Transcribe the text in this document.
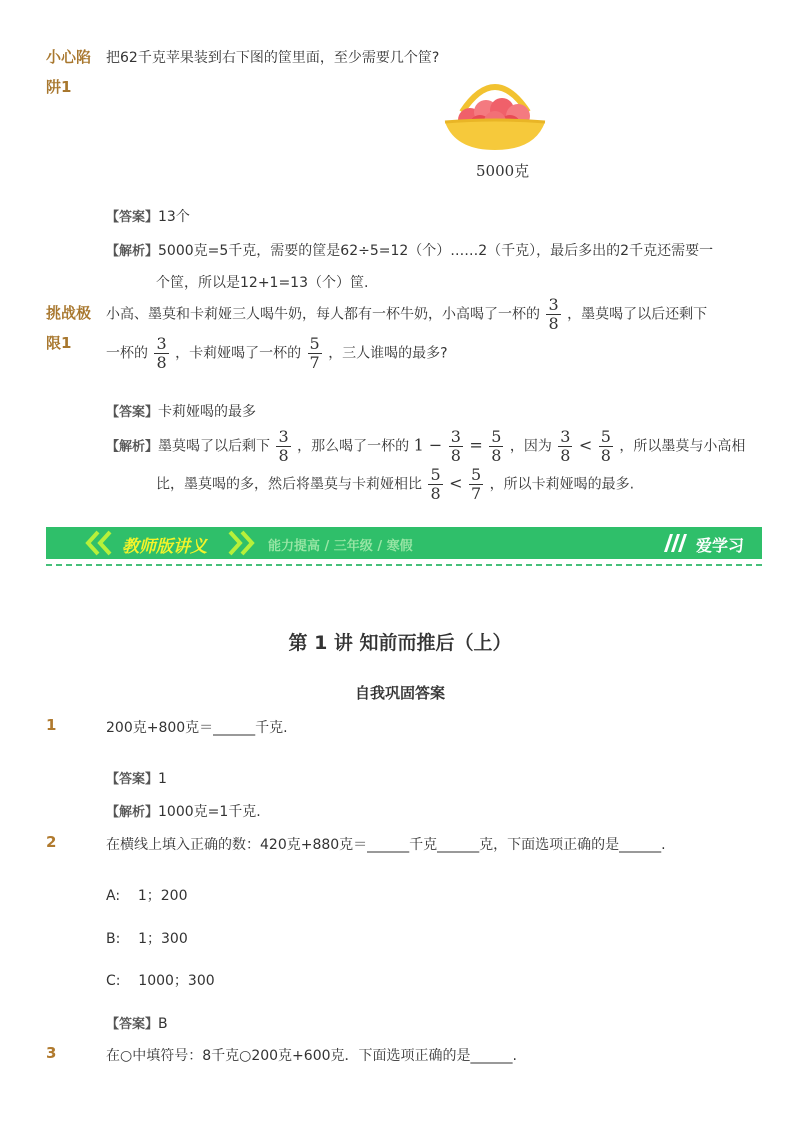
小心陷
阱1
把62千克苹果装到右下图的筐里面，至少需要几个筐?
5000克
【答案】13个
【解析】5000克=5千克，需要的筐是62÷5=12（个）……2（千克），最后多出的2千克还需要一
个筐，所以是12+1=13（个）筐.
挑战极
限1
小高、墨莫和卡莉娅三人喝牛奶，每人都有一杯牛奶，小高喝了一杯的 $\frac{3}{8}$ ，墨莫喝了以后还剩下
一杯的 $\frac{3}{8}$ ，卡莉娅喝了一杯的 $\frac{5}{7}$ ，三人谁喝的最多?
【答案】卡莉娅喝的最多
【解析】墨莫喝了以后剩下 $\frac{3}{8}$ ，那么喝了一杯的 $1 - \frac{3}{8} = \frac{5}{8}$ ，因为 $\frac{3}{8} < \frac{5}{8}$ ，所以墨莫与小高相
比，墨莫喝的多，然后将墨莫与卡莉娅相比 $\frac{5}{8} < \frac{5}{7}$ ，所以卡莉娅喝的最多.
教师版讲义	能力提高 / 三年级 / 寒假	爱学习
第 1 讲 知前而推后（上）
自我巩固答案
1	200克+800克＝______千克.
【答案】1
【解析】1000克=1千克.
2	在横线上填入正确的数：420克+880克＝______千克______克，下面选项正确的是______.
A:    1；200
B:    1；300
C:    1000；300
【答案】B
3	在○中填符号：8千克○200克+600克．下面选项正确的是______.
